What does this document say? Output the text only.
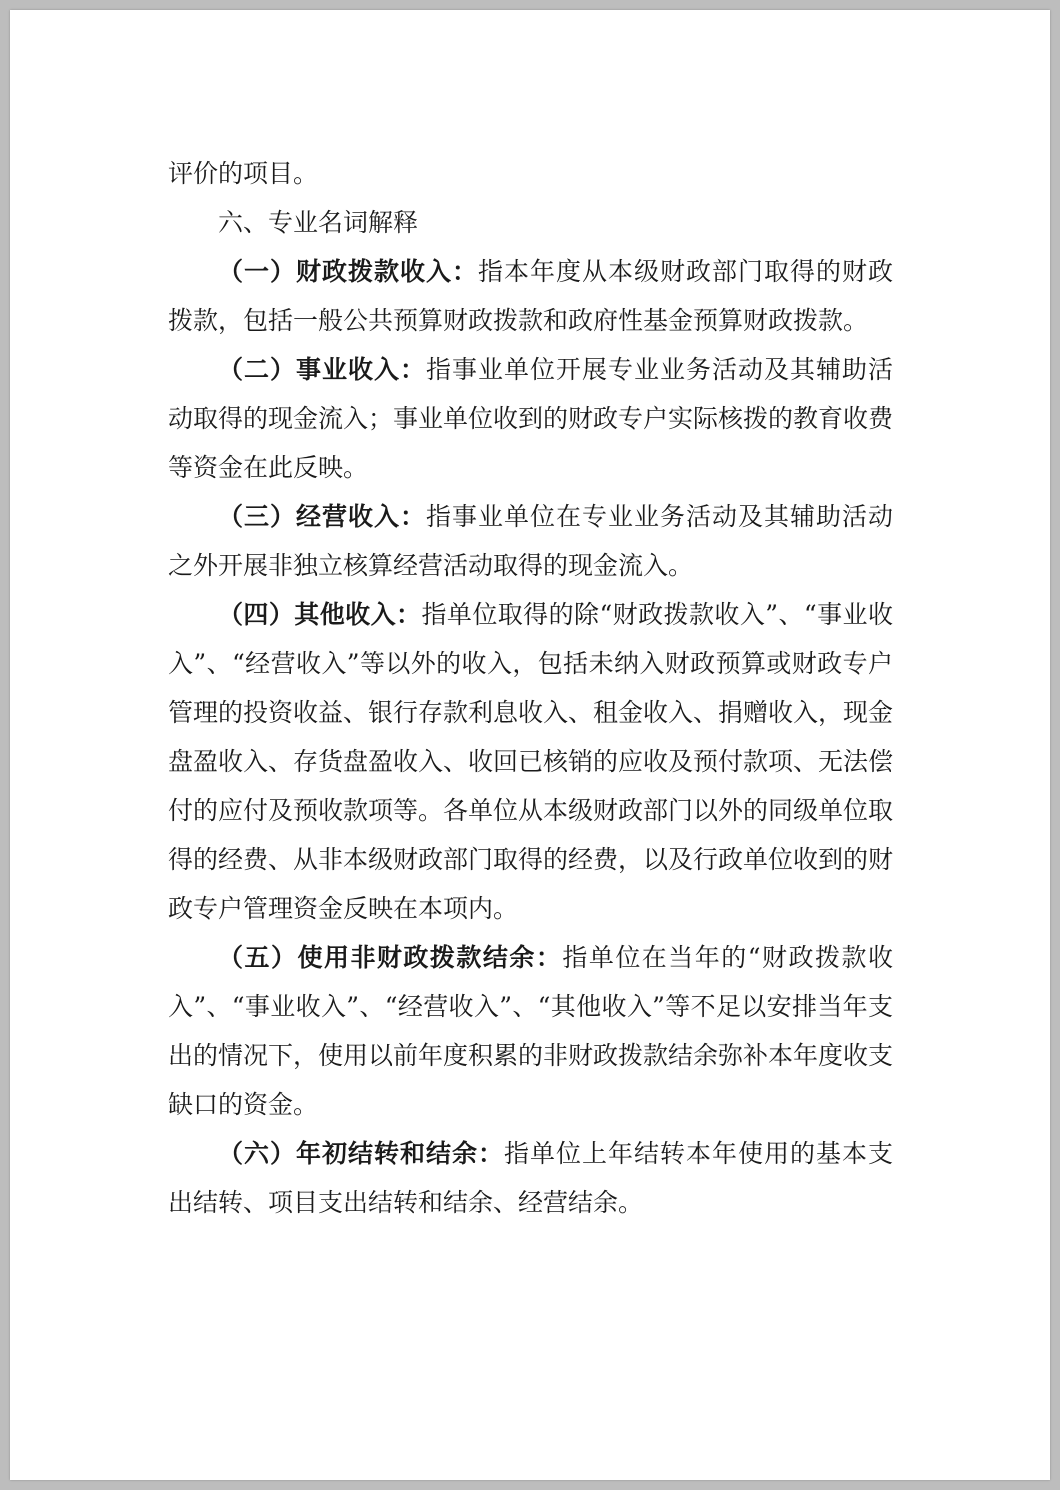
评价的项目。

六、专业名词解释

（一）财政拨款收入：指本年度从本级财政部门取得的财政拨款，包括一般公共预算财政拨款和政府性基金预算财政拨款。

（二）事业收入：指事业单位开展专业业务活动及其辅助活动取得的现金流入；事业单位收到的财政专户实际核拨的教育收费等资金在此反映。

（三）经营收入：指事业单位在专业业务活动及其辅助活动之外开展非独立核算经营活动取得的现金流入。

（四）其他收入：指单位取得的除“财政拨款收入”、“事业收入”、“经营收入”等以外的收入，包括未纳入财政预算或财政专户管理的投资收益、银行存款利息收入、租金收入、捐赠收入，现金盘盈收入、存货盘盈收入、收回已核销的应收及预付款项、无法偿付的应付及预收款项等。各单位从本级财政部门以外的同级单位取得的经费、从非本级财政部门取得的经费，以及行政单位收到的财政专户管理资金反映在本项内。

（五）使用非财政拨款结余：指单位在当年的“财政拨款收入”、“事业收入”、“经营收入”、“其他收入”等不足以安排当年支出的情况下，使用以前年度积累的非财政拨款结余弥补本年度收支缺口的资金。

（六）年初结转和结余：指单位上年结转本年使用的基本支出结转、项目支出结转和结余、经营结余。
